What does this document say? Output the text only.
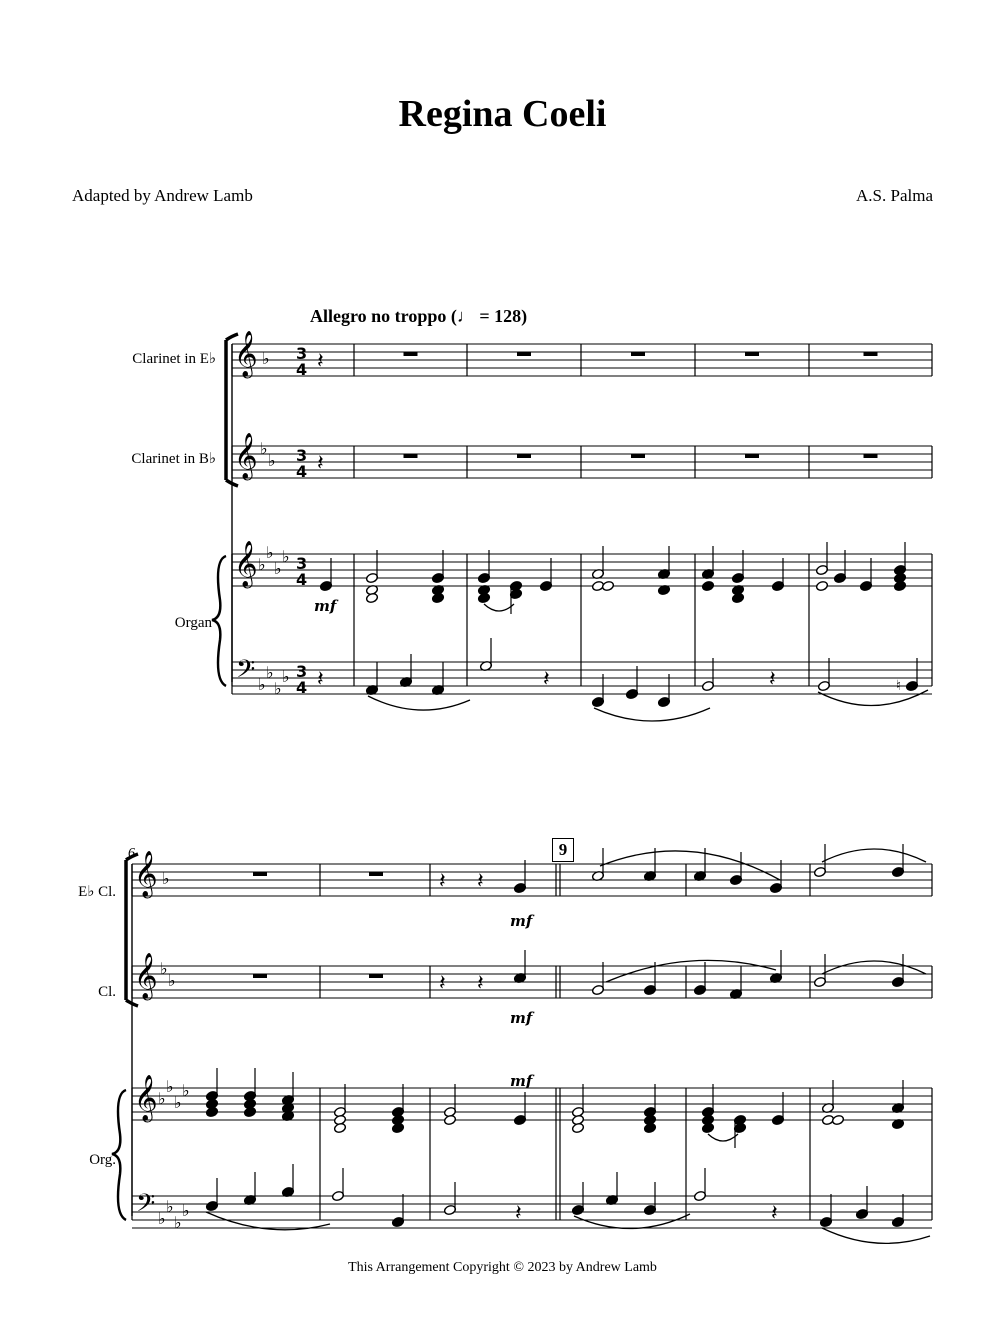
Regina Coeli
Adapted by Andrew Lamb	A.S. Palma
Allegro no troppo (♩ = 128)
Clarinet in E♭
Clarinet in B♭
Organ
6	9
E♭ Cl.
Cl.
Org.
mf
mf
mf
mf
𝄞 ♭ 3
4
𝄞 ♭
♭ 3
4
𝄞 ♭
♭
♭
♭ 3
4
𝄢 ♭
♭
♭
♭ 3
4
𝄽
𝄽
𝄽	𝄽	𝄽	♮
𝄞 ♭
𝄞 ♭
♭
𝄞 ♭
♭
♭
♭
𝄢 ♭
♭
♭
♭
𝄽 𝄽
𝄽 𝄽
𝄽	𝄽
This Arrangement Copyright © 2023 by Andrew Lamb
